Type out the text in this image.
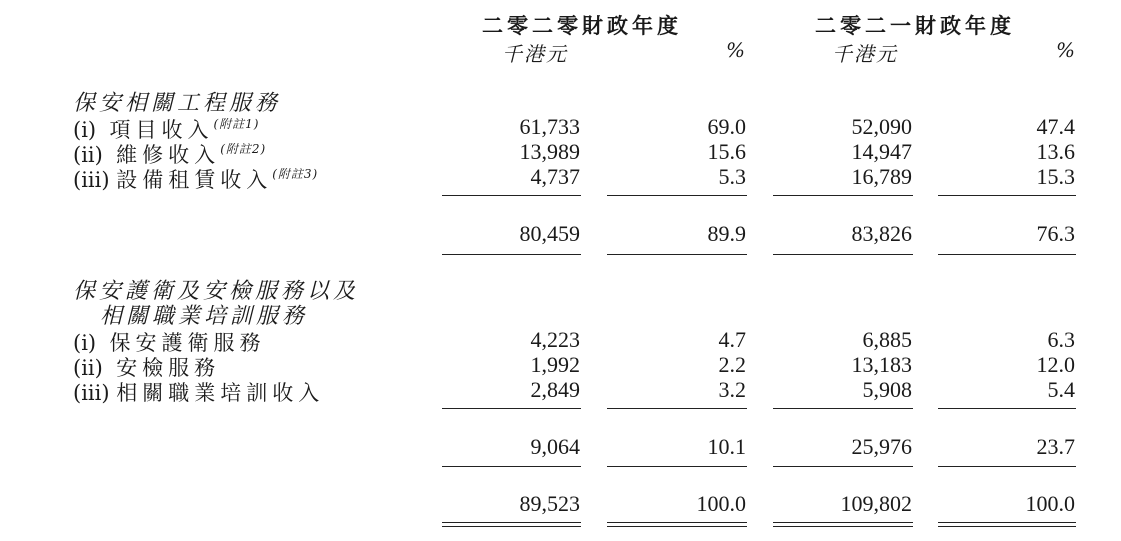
二零二零財政年度	二零二一財政年度
千港元	%	千港元	%
保安相關工程服務
(i) 項目收入$^{(附註1)}$	61,733	69.0	52,090	47.4
(ii) 維修收入$^{(附註2)}$	13,989	15.6	14,947	13.6
(iii) 設備租賃收入$^{(附註3)}$	4,737	5.3	16,789	15.3
80,459	89.9	83,826	76.3
保安護衛及安檢服務以及
相關職業培訓服務
(i) 保安護衛服務	4,223	4.7	6,885	6.3
(ii) 安檢服務	1,992	2.2	13,183	12.0
(iii) 相關職業培訓收入	2,849	3.2	5,908	5.4
9,064	10.1	25,976	23.7
89,523	100.0	109,802	100.0
